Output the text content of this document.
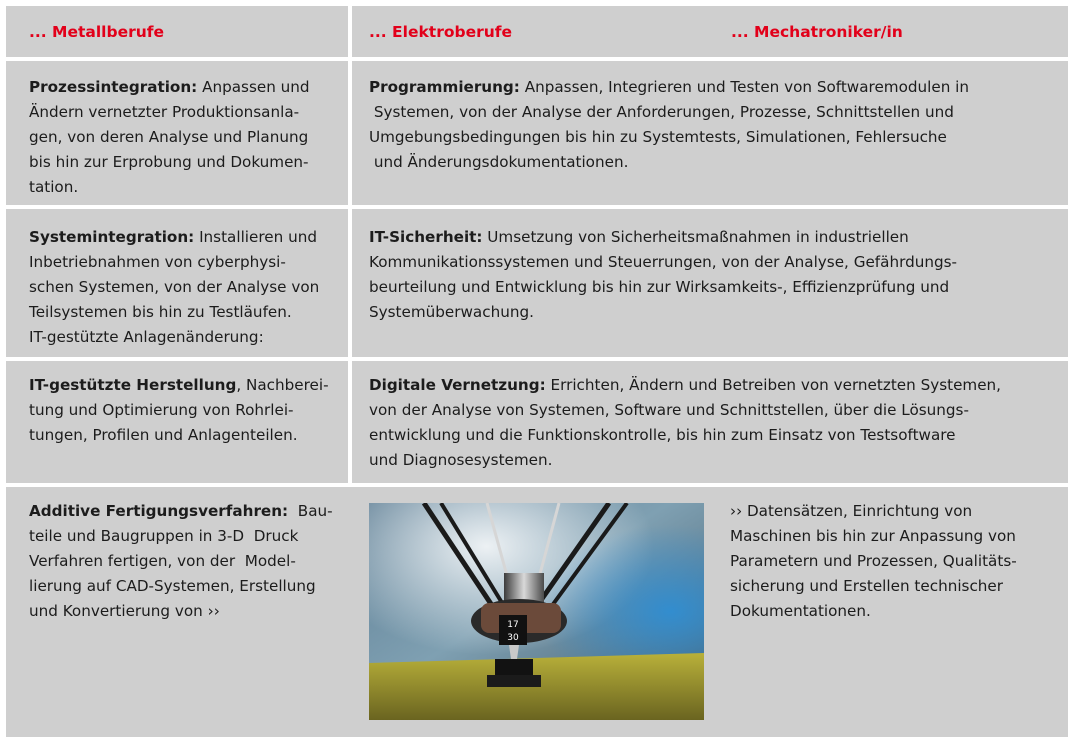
... Metallberufe	... Elektroberufe	... Mechatroniker/in
Prozessintegration: Anpassen und
Ändern vernetzter Produktionsanla-
gen, von deren Analyse und Planung
bis hin zur Erprobung und Dokumen-
tation.
Programmierung: Anpassen, Integrieren und Testen von Softwaremodulen in
Systemen, von der Analyse der Anforderungen, Prozesse, Schnittstellen und
Umgebungsbedingungen bis hin zu Systemtests, Simulationen, Fehlersuche
und Änderungsdokumentationen.
Systemintegration: Installieren und
Inbetriebnahmen von cyberphysi-
schen Systemen, von der Analyse von
Teilsystemen bis hin zu Testläufen.
IT-gestützte Anlagenänderung:
IT-Sicherheit: Umsetzung von Sicherheitsmaßnahmen in industriellen
Kommunikationssystemen und Steuerrungen, von der Analyse, Gefährdungs-
beurteilung und Entwicklung bis hin zur Wirksamkeits-, Effizienzprüfung und
Systemüberwachung.
IT-gestützte Herstellung, Nachberei-
tung und Optimierung von Rohrlei-
tungen, Profilen und Anlagenteilen.
Digitale Vernetzung: Errichten, Ändern und Betreiben von vernetzten Systemen,
von der Analyse von Systemen, Software und Schnittstellen, über die Lösungs-
entwicklung und die Funktionskontrolle, bis hin zum Einsatz von Testsoftware
und Diagnosesystemen.
Additive Fertigungsverfahren:  Bau-
teile und Baugruppen in 3-D  Druck
Verfahren fertigen, von der  Model-
lierung auf CAD-Systemen, Erstellung
und Konvertierung von ››
›› Datensätzen, Einrichtung von
Maschinen bis hin zur Anpassung von
Parametern und Prozessen, Qualitäts-
sicherung und Erstellen technischer
Dokumentationen.
17
30
